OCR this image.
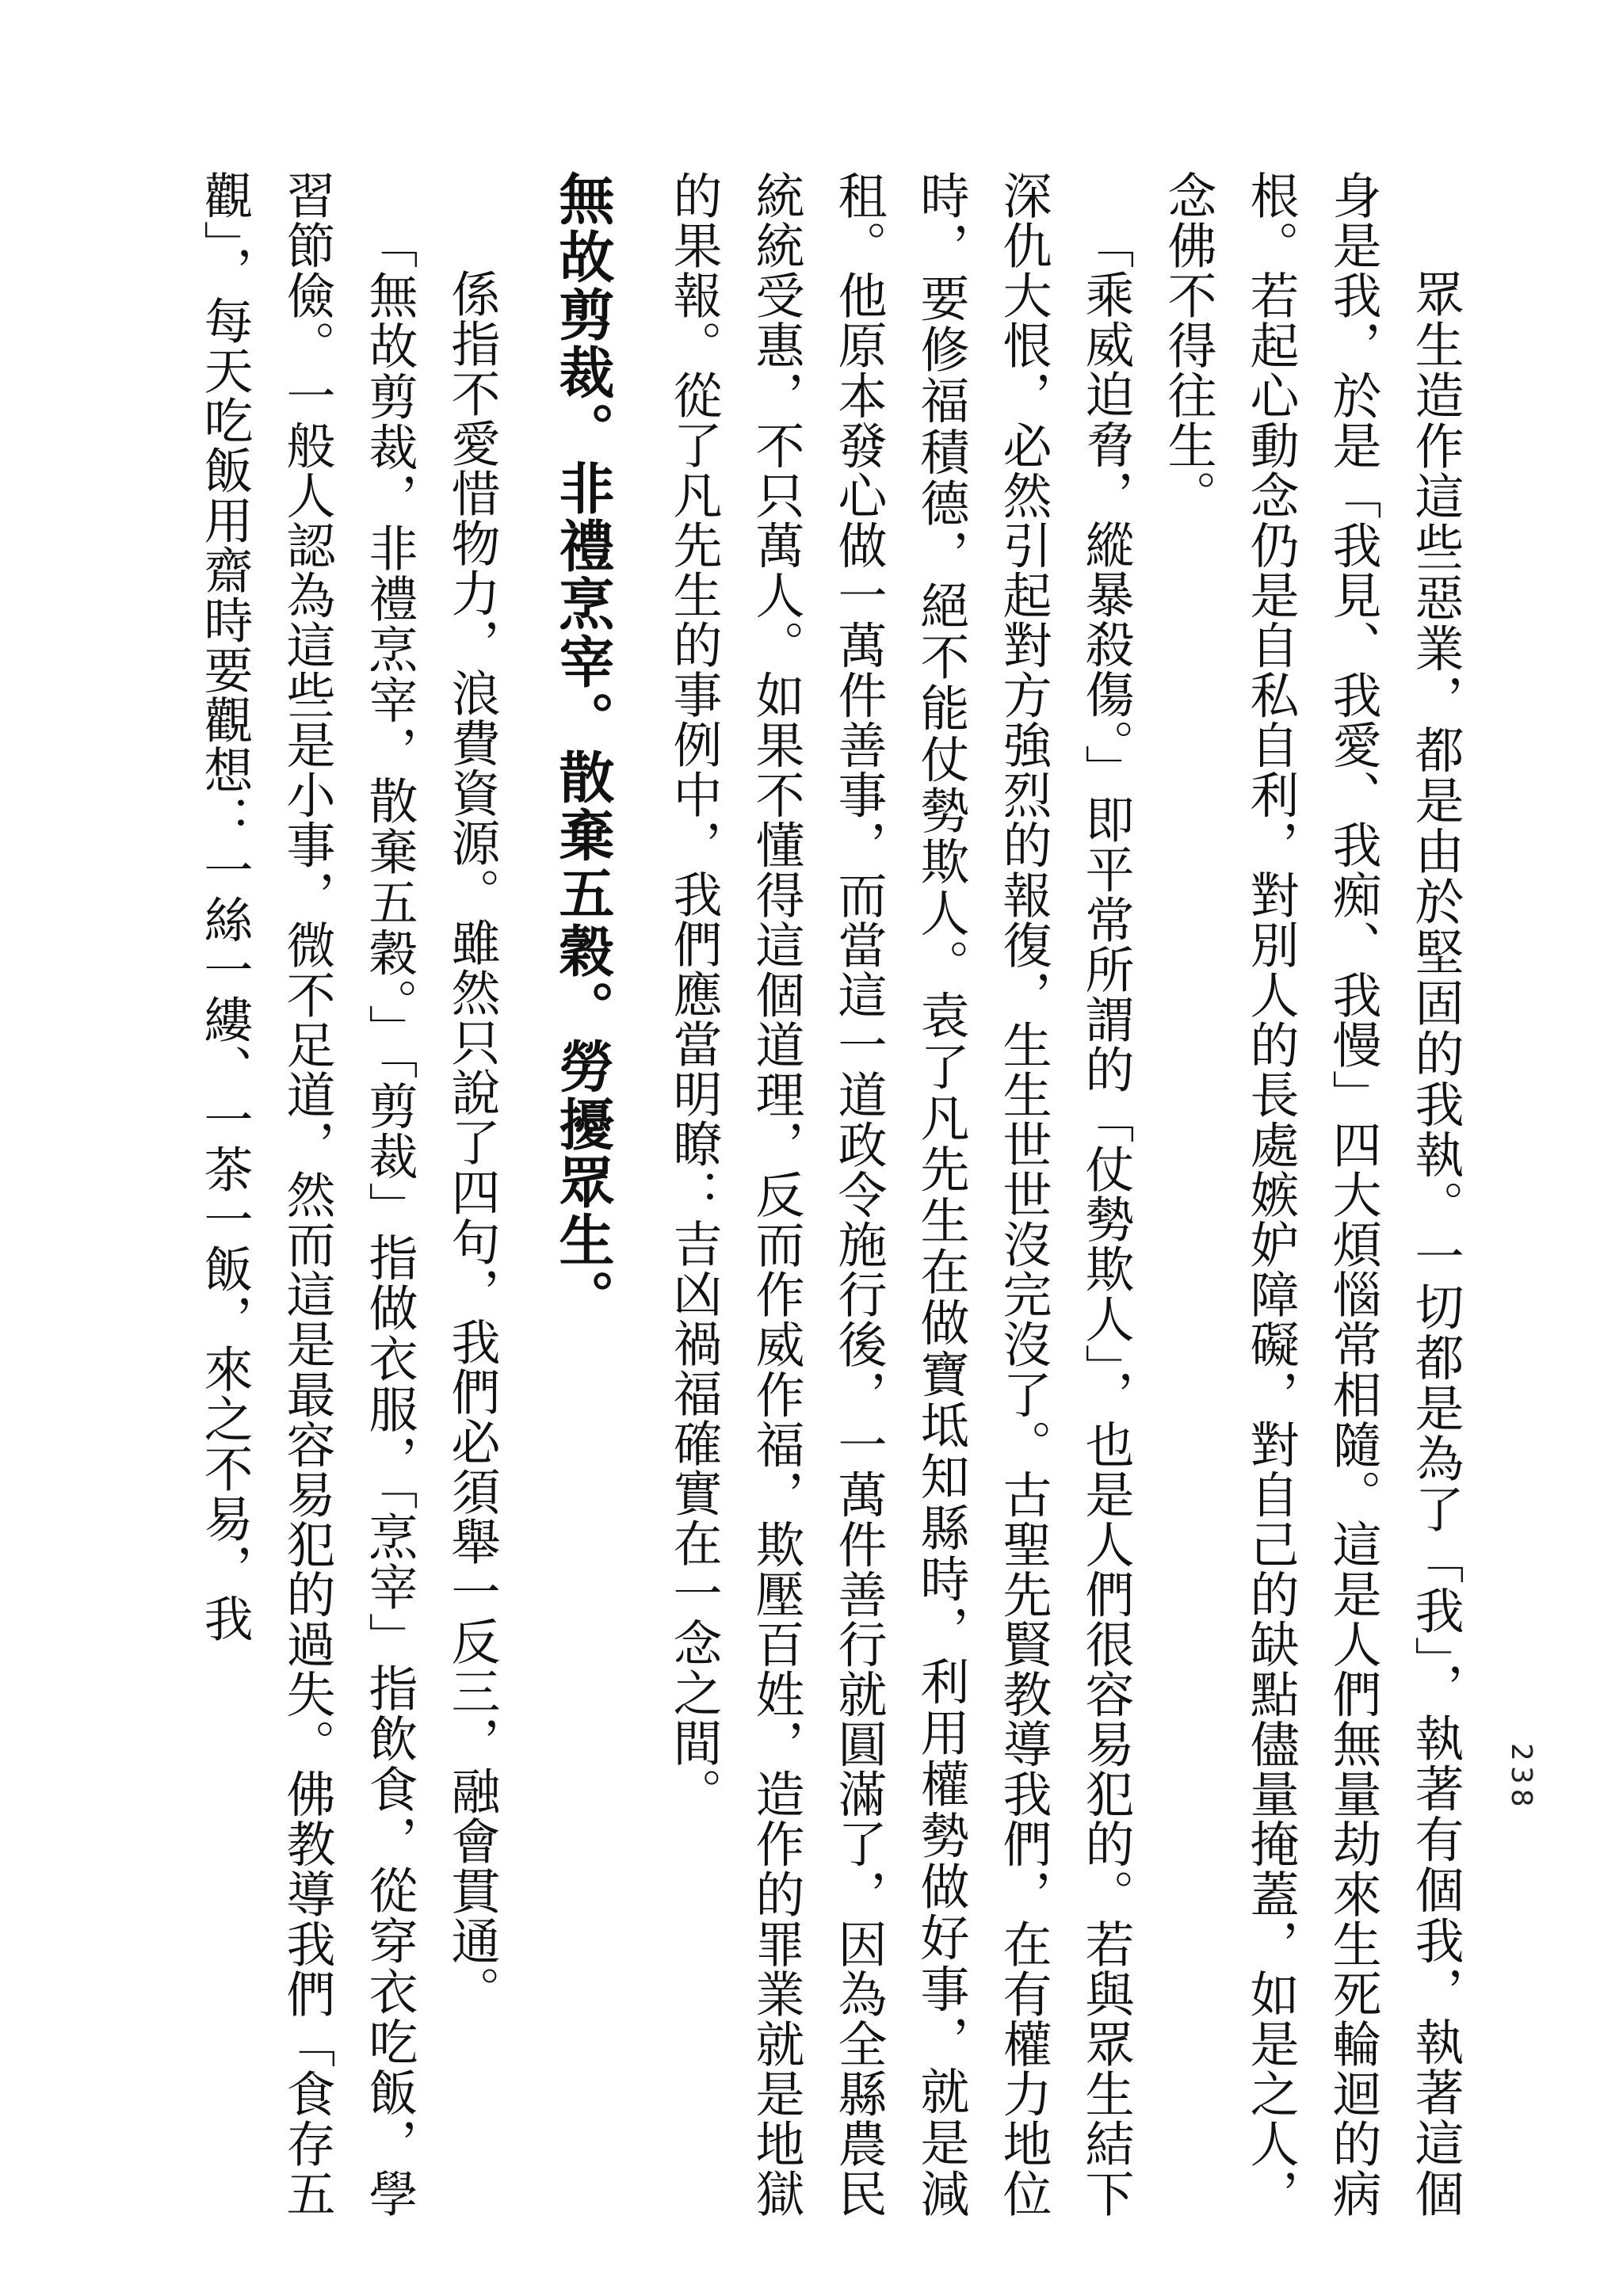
238

眾生造作這些惡業，都是由於堅固的我執。一切都是為了「我」，執著有個我，執著這個身是我，於是「我見、我愛、我痴、我慢」四大煩惱常相隨。這是人們無量劫來生死輪迴的病根。若起心動念仍是自私自利，對別人的長處嫉妒障礙，對自己的缺點儘量掩蓋，如是之人，念佛不得往生。

「乘威迫脅，縱暴殺傷。」即平常所謂的「仗勢欺人」，也是人們很容易犯的。若與眾生結下深仇大恨，必然引起對方強烈的報復，生生世世沒完沒了。古聖先賢教導我們，在有權力地位時，要修福積德，絕不能仗勢欺人。袁了凡先生在做寶坻知縣時，利用權勢做好事，就是減租。他原本發心做一萬件善事，而當這一道政令施行後，一萬件善行就圓滿了，因為全縣農民統統受惠，不只萬人。如果不懂得這個道理，反而作威作福，欺壓百姓，造作的罪業就是地獄的果報。從了凡先生的事例中，我們應當明瞭：吉凶禍福確實在一念之間。

無故剪裁。非禮烹宰。散棄五穀。勞擾眾生。

係指不愛惜物力，浪費資源。雖然只說了四句，我們必須舉一反三，融會貫通。

「無故剪裁，非禮烹宰，散棄五穀。」「剪裁」指做衣服，「烹宰」指飲食，從穿衣吃飯，學習節儉。一般人認為這些是小事，微不足道，然而這是最容易犯的過失。佛教導我們「食存五觀」，每天吃飯用齋時要觀想：一絲一縷、一茶一飯，來之不易，我
